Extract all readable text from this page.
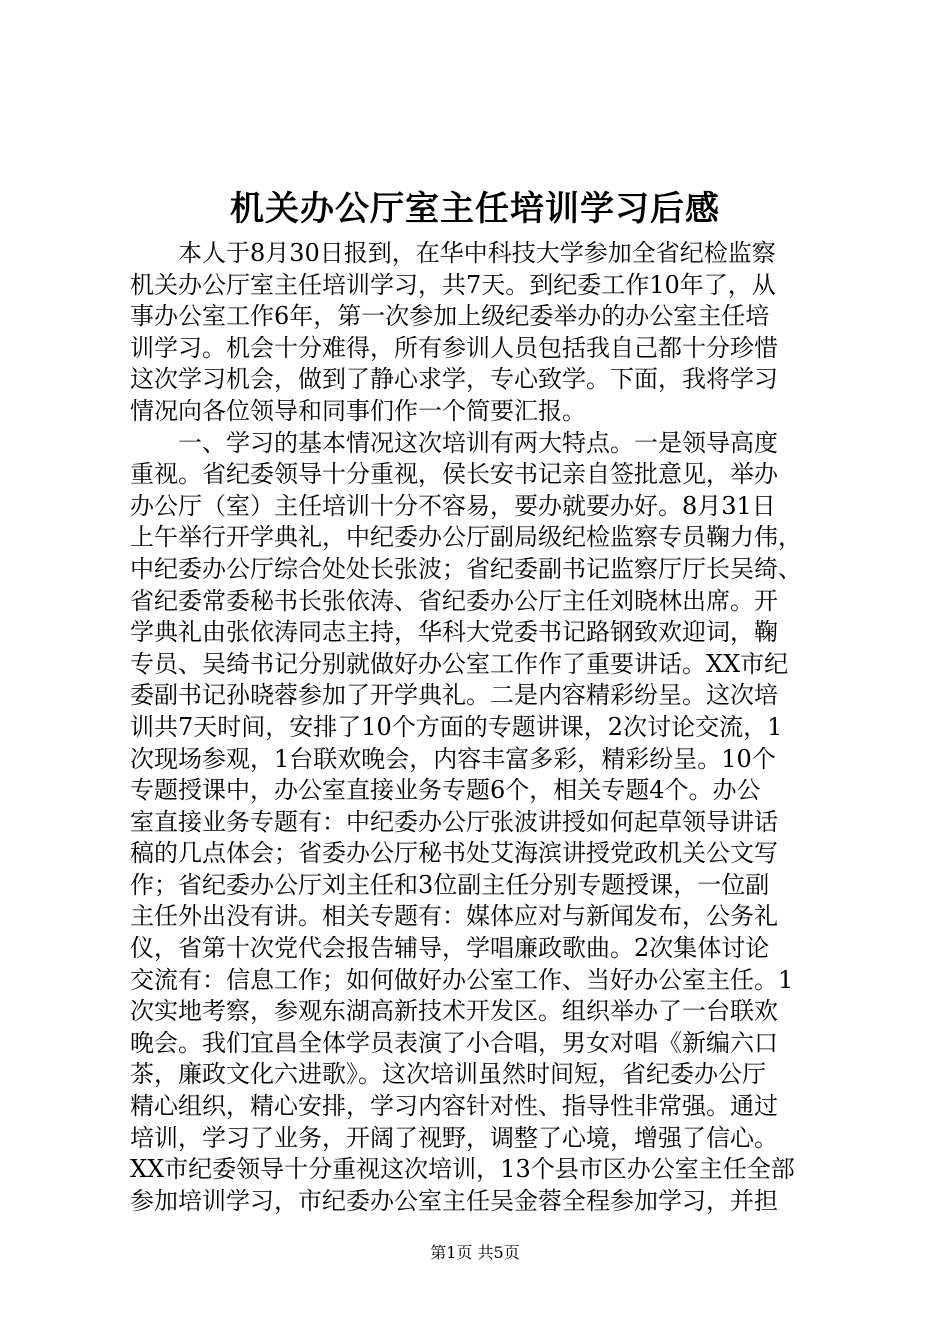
机关办公厅室主任培训学习后感

　　本人于8月30日报到，在华中科技大学参加全省纪检监察
机关办公厅室主任培训学习，共7天。到纪委工作10年了，从
事办公室工作6年，第一次参加上级纪委举办的办公室主任培
训学习。机会十分难得，所有参训人员包括我自己都十分珍惜
这次学习机会，做到了静心求学，专心致学。下面，我将学习
情况向各位领导和同事们作一个简要汇报。

　　一、学习的基本情况这次培训有两大特点。一是领导高度
重视。省纪委领导十分重视，侯长安书记亲自签批意见，举办
办公厅（室）主任培训十分不容易，要办就要办好。8月31日
上午举行开学典礼，中纪委办公厅副局级纪检监察专员鞠力伟，
中纪委办公厅综合处处长张波；省纪委副书记监察厅厅长吴绮、
省纪委常委秘书长张依涛、省纪委办公厅主任刘晓林出席。开
学典礼由张依涛同志主持，华科大党委书记路钢致欢迎词，鞠
专员、吴绮书记分别就做好办公室工作作了重要讲话。XX市纪
委副书记孙晓蓉参加了开学典礼。二是内容精彩纷呈。这次培
训共7天时间，安排了10个方面的专题讲课，2次讨论交流，1
次现场参观，1台联欢晚会，内容丰富多彩，精彩纷呈。10个
专题授课中，办公室直接业务专题6个，相关专题4个。办公
室直接业务专题有：中纪委办公厅张波讲授如何起草领导讲话
稿的几点体会；省委办公厅秘书处艾海滨讲授党政机关公文写
作；省纪委办公厅刘主任和3位副主任分别专题授课，一位副
主任外出没有讲。相关专题有：媒体应对与新闻发布，公务礼
仪，省第十次党代会报告辅导，学唱廉政歌曲。2次集体讨论
交流有：信息工作；如何做好办公室工作、当好办公室主任。1
次实地考察，参观东湖高新技术开发区。组织举办了一台联欢
晚会。我们宜昌全体学员表演了小合唱，男女对唱《新编六口
茶，廉政文化六进歌》。这次培训虽然时间短，省纪委办公厅
精心组织，精心安排，学习内容针对性、指导性非常强。通过
培训，学习了业务，开阔了视野，调整了心境，增强了信心。
XX市纪委领导十分重视这次培训，13个县市区办公室主任全部
参加培训学习，市纪委办公室主任吴金蓉全程参加学习，并担

第1页 共5页
